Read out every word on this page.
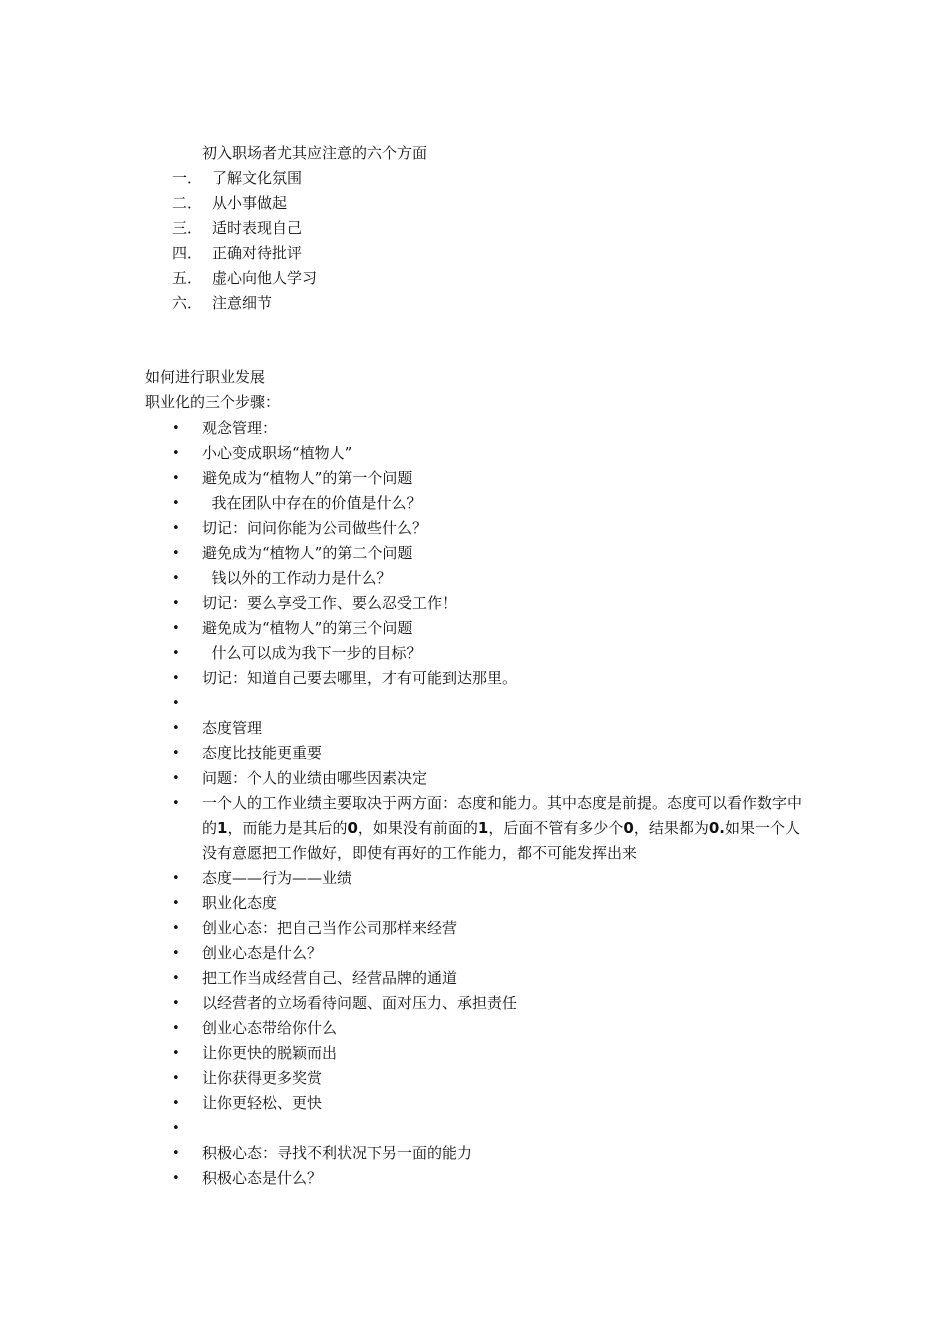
初入职场者尤其应注意的六个方面
一． 了解文化氛围
二． 从小事做起
三． 适时表现自己
四． 正确对待批评
五． 虚心向他人学习
六． 注意细节
如何进行职业发展
职业化的三个步骤：
•	观念管理：
•	小心变成职场“植物人”
•	避免成为“植物人”的第一个问题
•	我在团队中存在的价值是什么？
•	切记：问问你能为公司做些什么？
•	避免成为“植物人”的第二个问题
•	钱以外的工作动力是什么？
•	切记：要么享受工作、要么忍受工作！
•	避免成为“植物人”的第三个问题
•	什么可以成为我下一步的目标？
•	切记：知道自己要去哪里，才有可能到达那里。
•
•	态度管理
•	态度比技能更重要
•	问题：个人的业绩由哪些因素决定
•	一个人的工作业绩主要取决于两方面：态度和能力。其中态度是前提。态度可以看作数字中的1，而能力是其后的0，如果没有前面的1，后面不管有多少个0，结果都为0.如果一个人没有意愿把工作做好，即使有再好的工作能力，都不可能发挥出来
•	态度——行为——业绩
•	职业化态度
•	创业心态：把自己当作公司那样来经营
•	创业心态是什么？
•	把工作当成经营自己、经营品牌的通道
•	以经营者的立场看待问题、面对压力、承担责任
•	创业心态带给你什么
•	让你更快的脱颖而出
•	让你获得更多奖赏
•	让你更轻松、更快
•
•	积极心态：寻找不利状况下另一面的能力
•	积极心态是什么？
